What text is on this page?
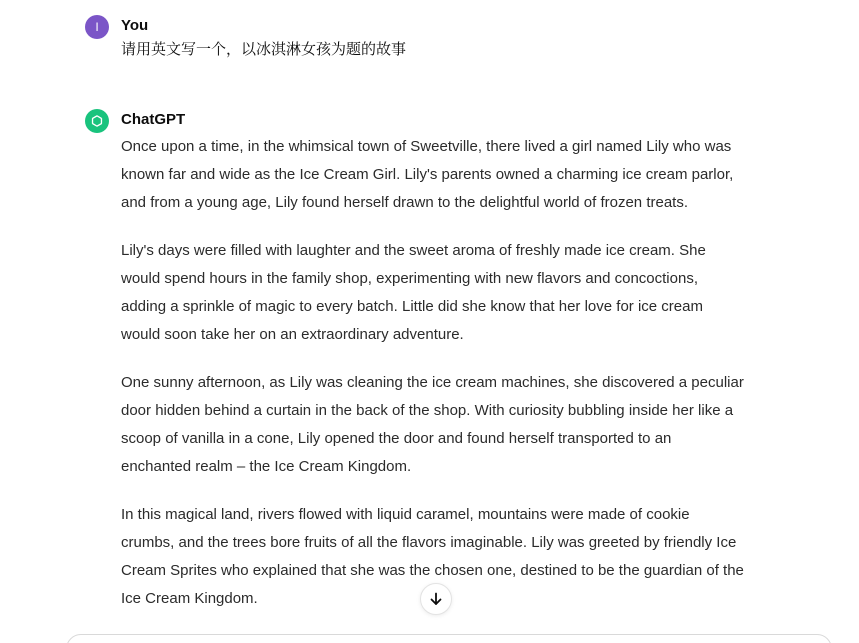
I You
请用英文写一个，以冰淇淋女孩为题的故事
ChatGPT

Once upon a time, in the whimsical town of Sweetville, there lived a girl named Lily who was known far and wide as the Ice Cream Girl. Lily's parents owned a charming ice cream parlor, and from a young age, Lily found herself drawn to the delightful world of frozen treats.

Lily's days were filled with laughter and the sweet aroma of freshly made ice cream. She would spend hours in the family shop, experimenting with new flavors and concoctions, adding a sprinkle of magic to every batch. Little did she know that her love for ice cream would soon take her on an extraordinary adventure.

One sunny afternoon, as Lily was cleaning the ice cream machines, she discovered a peculiar door hidden behind a curtain in the back of the shop. With curiosity bubbling inside her like a scoop of vanilla in a cone, Lily opened the door and found herself transported to an enchanted realm – the Ice Cream Kingdom.

In this magical land, rivers flowed with liquid caramel, mountains were made of cookie crumbs, and the trees bore fruits of all the flavors imaginable. Lily was greeted by friendly Ice Cream Sprites who explained that she was the chosen one, destined to be the guardian of the Ice Cream Kingdom.
